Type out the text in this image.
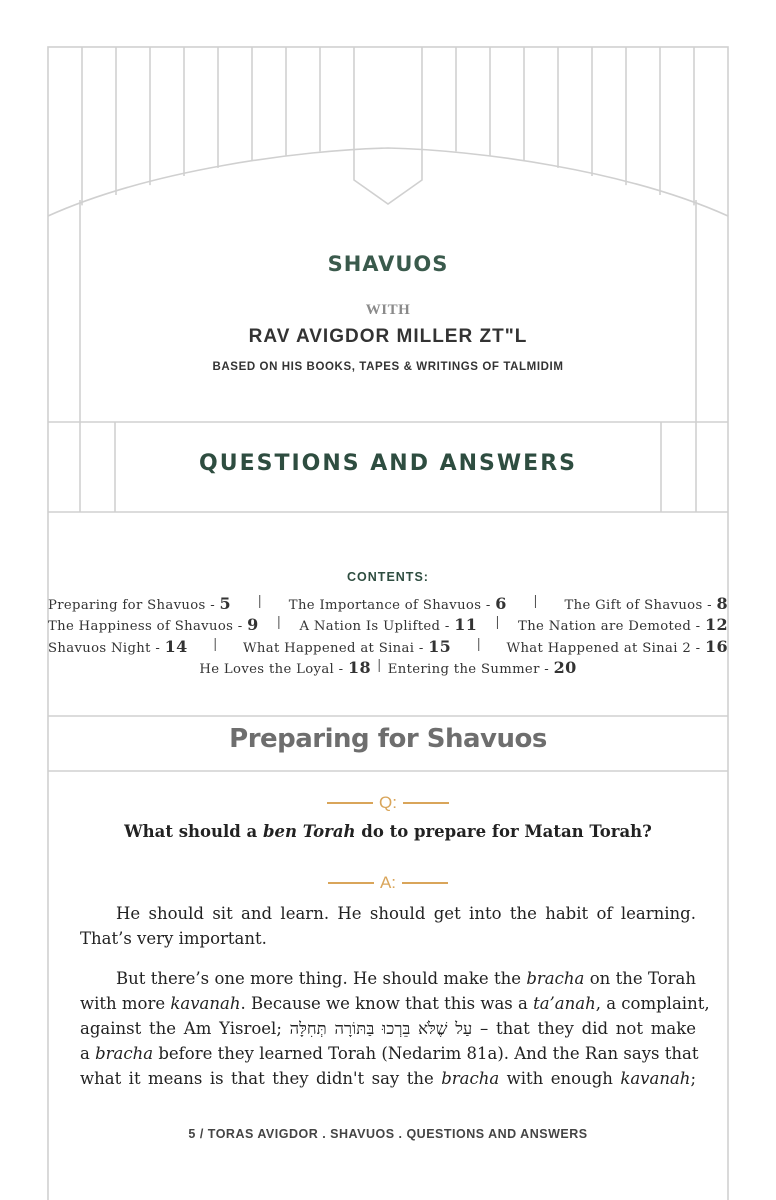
SHAVUOS
WITH
RAV AVIGDOR MILLER ZT"L
BASED ON HIS BOOKS, TAPES & WRITINGS OF TALMIDIM
QUESTIONS AND ANSWERS
CONTENTS:
Preparing for Shavuos - 5 | The Importance of Shavuos - 6 | The Gift of Shavuos - 8
The Happiness of Shavuos - 9 | A Nation Is Uplifted - 11 | The Nation are Demoted - 12
Shavuos Night - 14 | What Happened at Sinai - 15 | What Happened at Sinai 2 - 16
He Loves the Loyal - 18 | Entering the Summer - 20
Preparing for Shavuos
Q:
What should a ben Torah do to prepare for Matan Torah?
A:
He should sit and learn. He should get into the habit of learning.
That’s very important.
But there’s one more thing. He should make the bracha on the Torah
with more kavanah. Because we know that this was a ta’anah, a complaint,
against the Am Yisroel; עַל שֶׁלֹּא בֵּרְכוּ בַּתּוֹרָה תְּחִלָּה – that they did not make
a bracha before they learned Torah (Nedarim 81a). And the Ran says that
what it means is that they didn't say the bracha with enough kavanah;
5 / TORAS AVIGDOR . SHAVUOS . QUESTIONS AND ANSWERS
